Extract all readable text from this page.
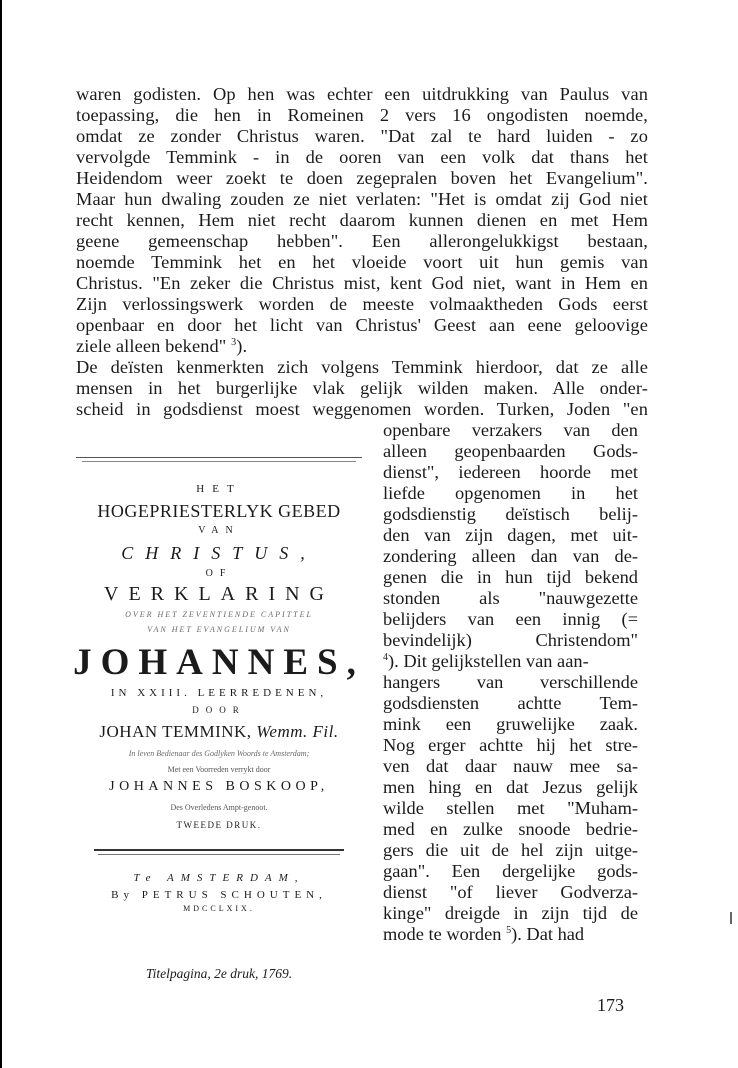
waren godisten. Op hen was echter een uitdrukking van Paulus van
toepassing, die hen in Romeinen 2 vers 16 ongodisten noemde,
omdat ze zonder Christus waren. "Dat zal te hard luiden - zo
vervolgde Temmink - in de ooren van een volk dat thans het
Heidendom weer zoekt te doen zegepralen boven het Evangelium".
Maar hun dwaling zouden ze niet verlaten: "Het is omdat zij God niet
recht kennen, Hem niet recht daarom kunnen dienen en met Hem
geene gemeenschap hebben". Een allerongelukkigst bestaan,
noemde Temmink het en het vloeide voort uit hun gemis van
Christus. "En zeker die Christus mist, kent God niet, want in Hem en
Zijn verlossingswerk worden de meeste volmaaktheden Gods eerst
openbaar en door het licht van Christus' Geest aan eene geloovige
ziele alleen bekend" $^3$).
De deïsten kenmerkten zich volgens Temmink hierdoor, dat ze alle
mensen in het burgerlijke vlak gelijk wilden maken. Alle onder-
scheid in godsdienst moest weggenomen worden. Turken, Joden "en
openbare verzakers van den
alleen geopenbaarden Gods-
dienst", iedereen hoorde met
liefde opgenomen in het
godsdienstig deïstisch belij-
den van zijn dagen, met uit-
zondering alleen dan van de-
genen die in hun tijd bekend
stonden als "nauwgezette
belijders van een innig (=
bevindelijk) Christendom"
$^4$). Dit gelijkstellen van aan-
hangers van verschillende
godsdiensten achtte Tem-
mink een gruwelijke zaak.
Nog erger achtte hij het stre-
ven dat daar nauw mee sa-
men hing en dat Jezus gelijk
wilde stellen met "Muham-
med en zulke snoode bedrie-
gers die uit de hel zijn uitge-
gaan". Een dergelijke gods-
dienst "of liever Godverza-
kinge" dreigde in zijn tijd de
mode te worden $^5$). Dat had
HET
HOGEPRIESTERLYK GEBED
VAN
CHRISTUS,
OF
VERKLARING
OVER HET ZEVENTIENDE CAPITTEL
VAN HET EVANGELIUM VAN
JOHANNES,
IN XXIII. LEERREDENEN,
DOOR
JOHAN TEMMINK, Wemm. Fil.
In leven Bedienaar des Godlyken Woords te Amsterdam;
Met een Voorreden verrykt door
JOHANNES BOSKOOP,
Des Overledens Ampt-genoot.
TWEEDE DRUK.
Te AMSTERDAM,
By PETRUS SCHOUTEN,
MDCCLXIX.
Titelpagina, 2e druk, 1769.
173
